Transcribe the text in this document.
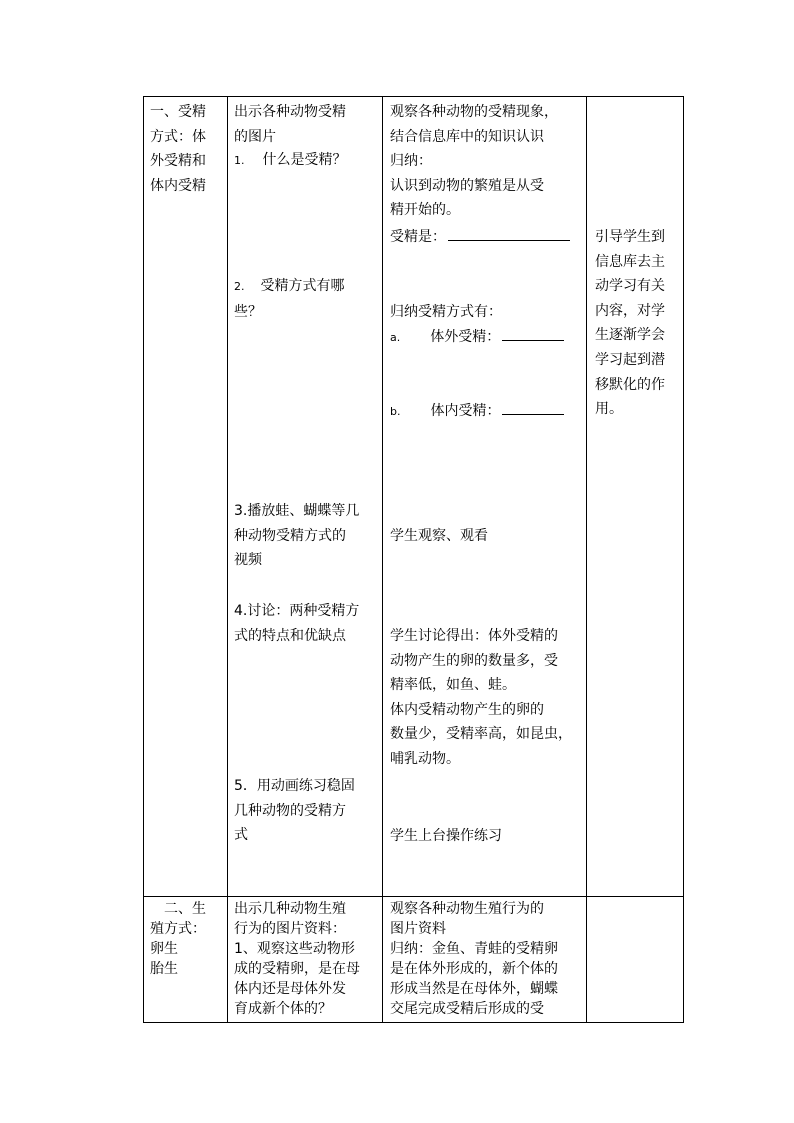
一、受精
方式：体
外受精和
体内受精
出示各种动物受精
的图片
1. 什么是受精？
2. 受精方式有哪
些？
3.播放蛙、蝴蝶等几
种动物受精方式的
视频
4.讨论：两种受精方
式的特点和优缺点
5．用动画练习稳固
几种动物的受精方
式
观察各种动物的受精现象，
结合信息库中的知识认识
归纳：
认识到动物的繁殖是从受
精开始的。
受精是：
归纳受精方式有：
a. 体外受精：
b. 体内受精：
学生观察、观看
学生讨论得出：体外受精的
动物产生的卵的数量多，受
精率低，如鱼、蛙。
体内受精动物产生的卵的
数量少，受精率高，如昆虫，
哺乳动物。
学生上台操作练习
引导学生到
信息库去主
动学习有关
内容，对学
生逐渐学会
学习起到潜
移默化的作
用。
二、生
殖方式：
卵生
胎生
出示几种动物生殖
行为的图片资料：
1、观察这些动物形
成的受精卵，是在母
体内还是母体外发
育成新个体的？
观察各种动物生殖行为的
图片资料
归纳：金鱼、青蛙的受精卵
是在体外形成的，新个体的
形成当然是在母体外，蝴蝶
交尾完成受精后形成的受
